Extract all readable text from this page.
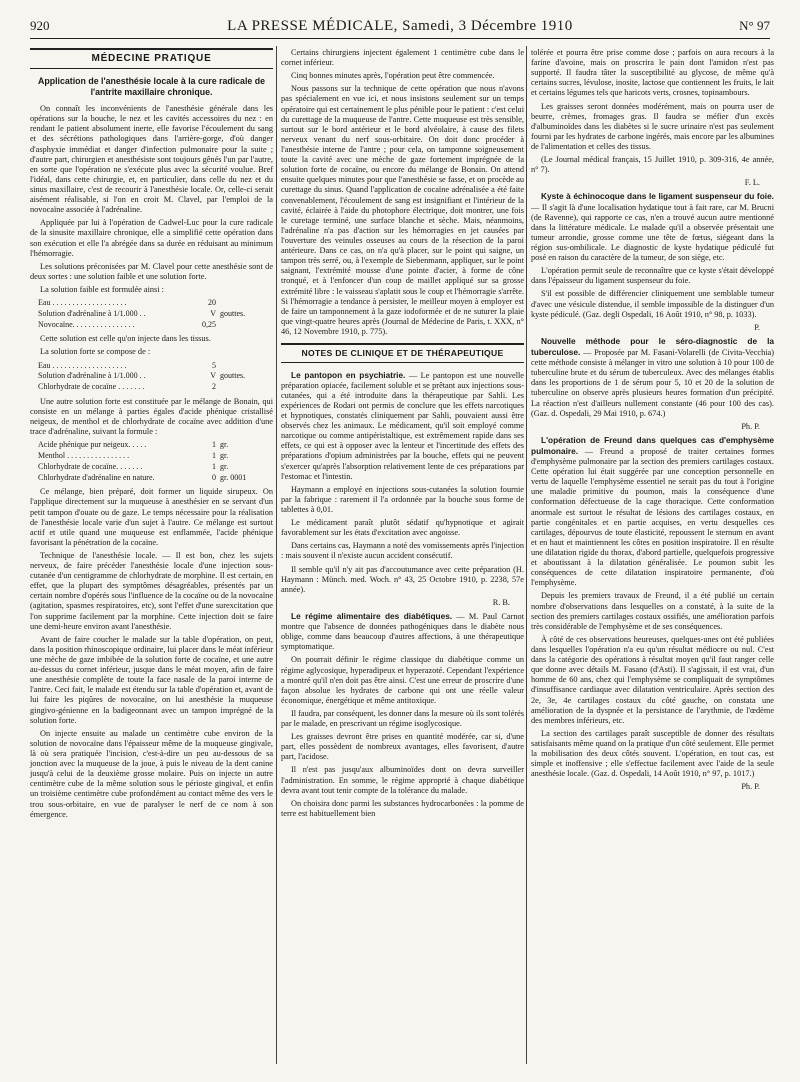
920	LA PRESSE MÉDICALE, Samedi, 3 Décembre 1910	N° 97
MÉDECINE PRATIQUE
Application de l'anesthésie locale à la cure radicale de l'antrite maxillaire chronique.

On connaît les inconvénients de l'anesthésie générale dans les opérations sur la bouche, le nez et les cavités accessoires du nez : en rendant le patient absolument inerte, elle favorise l'écoulement du sang et des sécrétions pathologiques dans l'arrière-gorge, d'où danger d'asphyxie immédiat et danger d'infection pulmonaire pour la suite ; d'autre part, chirurgien et anesthésiste sont toujours gênés l'un par l'autre, en sorte que l'opération ne s'exécute plus avec la sécurité voulue. Bref l'idéal, dans cette chirurgie, et, en particulier, dans celle du nez et du sinus maxillaire, c'est de recourir à l'anesthésie locale. Or, celle-ci serait aisément réalisable, si l'on en croit M. Clavel, par l'emploi de la novocaïne associée à l'adrénaline.

Appliquée par lui à l'opération de Cadwel-Luc pour la cure radicale de la sinusite maxillaire chronique, elle a simplifié cette opération dans son exécution et elle l'a abrégée dans sa durée en réduisant au minimum l'hémorragie.

Les solutions préconisées par M. Clavel pour cette anesthésie sont de deux sortes : une solution faible et une solution forte.

La solution faible est formulée ainsi :

Eau . . . . . . . . . . . . . . . . . . .	20	
Solution d'adrénaline à 1/1.000 . .	V	gouttes.
Novocaïne. . . . . . . . . . . . . . . .	0,25	

Cette solution est celle qu'on injecte dans les tissus.

La solution forte se compose de :

Eau . . . . . . . . . . . . . . . . . . .	5	
Solution d'adrénaline à 1/1.000 . .	V	gouttes.
Chlorhydrate de cocaïne . . . . . . .	2	

Une autre solution forte est constituée par le mélange de Bonain, qui consiste en un mélange à parties égales d'acide phénique cristallisé neigeux, de menthol et de chlorhydrate de cocaïne avec addition d'une trace d'adrénaline, suivant la formule :

Acide phénique pur neigeux. . . . .	1	gr.
Menthol . . . . . . . . . . . . . . . .	1	gr.
Chlorhydrate de cocaïne. . . . . . .	1	gr.
Chlorhydrate d'adrénaline en nature.	0	gr. 0001

Ce mélange, bien préparé, doit former un liquide sirupeux. On l'applique directement sur la muqueuse à anesthésier en se servant d'un petit tampon d'ouate ou de gaze. Le temps nécessaire pour la réalisation de l'anesthésie locale varie d'un sujet à l'autre. Ce mélange est surtout actif et utile quand une muqueuse est enflammée, l'acide phénique favorisant la pénétration de la cocaïne.

Technique de l'anesthésie locale. — Il est bon, chez les sujets nerveux, de faire précéder l'anesthésie locale d'une injection sous-cutanée d'un centigramme de chlorhydrate de morphine. Il est certain, en effet, que la plupart des symptômes désagréables, présentés par un certain nombre d'opérés sous l'influence de la cocaïne ou de la novocaïne (agitation, spasmes respiratoires, etc), sont l'effet d'une surexcitation que l'on supprime facilement par la morphine. Cette injection doit se faire une demi-heure environ avant l'anesthésie.

Avant de faire coucher le malade sur la table d'opération, on peut, dans la position rhinoscopique ordinaire, lui placer dans le méat inférieur une mèche de gaze imbibée de la solution forte de cocaïne, et une autre au-dessus du cornet inférieur, jusque dans le méat moyen, afin de faire une anesthésie complète de toute la face nasale de la paroi interne de l'antre. Ceci fait, le malade est étendu sur la table d'opération et, avant de lui faire les piqûres de novocaïne, on lui anesthésie la muqueuse gingivo-génienne en la badigeonnant avec un tampon imprégné de la solution forte.

On injecte ensuite au malade un centimètre cube environ de la solution de novocaïne dans l'épaisseur même de la muqueuse gingivale, là où sera pratiquée l'incision, c'est-à-dire un peu au-dessous de sa jonction avec la muqueuse de la joue, à puis le niveau de la dent canine jusqu'à celui de la deuxième grosse molaire. Puis on injecte un autre centimètre cube de la même solution sous le périoste gingival, et enfin un troisième centimètre cube profondément au contact même des vers le trou sous-orbitaire, en vue de paralyser le nerf de ce nom à son émergence.

Certains chirurgiens injectent également 1 centimètre cube dans le cornet inférieur.

Cinq bonnes minutes après, l'opération peut être commencée.

Nous passons sur la technique de cette opération que nous n'avons pas spécialement en vue ici, et nous insistons seulement sur un temps opératoire qui est certainement le plus pénible pour le patient : c'est celui du curettage de la muqueuse de l'antre. Cette muqueuse est très sensible, surtout sur le bord antérieur et le bord alvéolaire, à cause des filets nerveux venant du nerf sous-orbitaire. On doit donc procéder à l'anesthésie interne de l'antre ; pour cela, on tamponne soigneusement toute la cavité avec une mèche de gaze fortement imprégnée de la solution forte de cocaïne, ou encore du mélange de Bonain. On attend ensuite quelques minutes pour que l'anesthésie se fasse, et on procède au curettage du sinus. Quand l'application de cocaïne adrénalisée a été faite convenablement, l'écoulement de sang est insignifiant et l'intérieur de la cavité, éclairée à l'aide du photophore électrique, doit montrer, une fois le curetage terminé, une surface blanche et sèche. Mais, néanmoins, l'adrénaline n'a pas d'action sur les hémorragies en jet causées par l'ouverture des veinules osseuses au cours de la résection de la paroi antérieure. Dans ce cas, on n'a qu'à placer, sur le point qui saigne, un tampon très serré, ou, à l'exemple de Siebenmann, appliquer, sur le point saignant, l'extrémité mousse d'une pointe d'acier, à forme de cône tronqué, et à l'enfoncer d'un coup de maillet appliqué sur sa grosse extrémité libre : le vaisseau s'aplatit sous le coup et l'hémorragie s'arrête. Si l'hémorragie a tendance à persister, le meilleur moyen à employer est de faire un tamponnement à la gaze iodoformée et de ne suturer la plaie que vingt-quatre heures après (Journal de Médecine de Paris, t. XXX, n° 46, 12 Novembre 1910, p. 775).

NOTES DE CLINIQUE ET DE THÉRAPEUTIQUE

Le pantopon en psychiatrie. — Le pantopon est une nouvelle préparation opiacée, facilement soluble et se prêtant aux injections sous-cutanées, qui a été introduite dans la thérapeutique par Sahli. Les expériences de Rodari ont permis de conclure que les effets narcotiques et hypnotiques, constatés cliniquement par Sahli, pouvaient aussi être observés chez les animaux. Le médicament, qu'il soit employé comme narcotique ou comme antipéristaltique, est extrêmement rapide dans ses effets, ce qui est à opposer avec la lenteur et l'incertitude des effets des préparations d'opium administrées par la bouche, effets qui ne peuvent s'exercer qu'après l'absorption relativement lente de ces préparations par l'estomac et l'intestin.

Haymann a employé en injections sous-cutanées la solution fournie par la fabrique : rarement il l'a ordonnée par la bouche sous forme de tablettes à 0,01.

Le médicament paraît plutôt sédatif qu'hypnotique et agirait favorablement sur les états d'excitation avec angoisse.

Dans certains cas, Haymann a noté des vomissements après l'injection : mais souvent il n'existe aucun accident consécutif.

Il semble qu'il n'y ait pas d'accoutumance avec cette préparation (H. Haymann : Münch. med. Woch. n° 43, 25 Octobre 1910, p. 2238, 57e année).

R. B.

Le régime alimentaire des diabétiques. — M. Paul Carnot montre que l'absence de données pathogéniques dans le diabète nous oblige, comme dans beaucoup d'autres affections, à une thérapeutique symptomatique.

On pourrait définir le régime classique du diabétique comme un régime aglycosique, hyperadipeux et hyperazoté. Cependant l'expérience a montré qu'il n'en doit pas être ainsi. C'est une erreur de proscrire d'une façon absolue les hydrates de carbone qui ont une réelle valeur économique, énergétique et même antitoxique.

Il faudra, par conséquent, les donner dans la mesure où ils sont tolérés par le malade, en prescrivant un régime isoglycosique.

Les graisses devront être prises en quantité modérée, car si, d'une part, elles possèdent de nombreux avantages, elles favorisent, d'autre part, l'acidose.

Il n'est pas jusqu'aux albuminoïdes dont on devra surveiller l'administration. En somme, le régime approprié à chaque diabétique devra avant tout tenir compte de la tolérance du malade.

On choisira donc parmi les substances hydrocarbonées : la pomme de terre est habituellement bien

tolérée et pourra être prise comme dose ; parfois on aura recours à la farine d'avoine, mais on proscrira le pain dont l'amidon n'est pas supporté. Il faudra tâter la susceptibilité au glycose, de même qu'à certains sucres, lévulose, inosite, lactose que contiennent les fruits, le lait et certains légumes tels que haricots verts, crosnes, topinambours.

Les graisses seront données modérément, mais on pourra user de beurre, crèmes, fromages gras. Il faudra se méfier d'un excès d'albuminoïdes dans les diabètes si le sucre urinaire n'est pas seulement fourni par les hydrates de carbone ingérés, mais encore par les albumines de l'alimentation et celles des tissus.

(Le Journal médical français, 15 Juillet 1910, p. 309-316, 4e année, n° 7).

F. L.

Kyste à échinocoque dans le ligament suspenseur du foie. — Il s'agit là d'une localisation hydatique tout à fait rare, car M. Brucni (de Ravenne), qui rapporte ce cas, n'en a trouvé aucun autre mentionné dans la littérature médicale. Le malade qu'il a observée présentait une tumeur arrondie, grosse comme une tête de fœtus, siégeant dans la région sus-ombilicale. Le diagnostic de kyste hydatique pédiculé fut posé en raison du caractère de la tumeur, de son siège, etc.

L'opération permit seule de reconnaître que ce kyste s'était développé dans l'épaisseur du ligament suspenseur du foie.

S'il est possible de différencier cliniquement une semblable tumeur d'avec une vésicule distendue, il semble impossible de la distinguer d'un kyste pédiculé. (Gaz. degli Ospedali, 16 Août 1910, n° 98, p. 1033).

P.

Nouvelle méthode pour le séro-diagnostic de la tuberculose. — Proposée par M. Fasani-Volarelli (de Civita-Vecchia) cette méthode consiste à mélanger in vitro une solution à 10 pour 100 de tuberculine brute et du sérum de tuberculeux. Avec des mélanges établis dans les proportions de 1 de sérum pour 5, 10 et 20 de la solution de tuberculine on observe après plusieurs heures formation d'un précipité. La réaction n'est d'ailleurs nullement constante (46 pour 100 des cas). (Gaz. d. Ospedali, 29 Mai 1910, p. 674.)

Ph. P.

L'opération de Freund dans quelques cas d'emphysème pulmonaire. — Freund a proposé de traiter certaines formes d'emphysème pulmonaire par la section des premiers cartilages costaux. Cette opération lui était suggérée par une conception personnelle en vertu de laquelle l'emphysème essentiel ne serait pas du tout à l'origine une maladie primitive du poumon, mais la conséquence d'une conformation défectueuse de la cage thoracique. Cette conformation anormale est surtout le résultat de lésions des cartilages costaux, en partie congénitales et en partie acquises, en vertu desquelles ces cartilages, dépourvus de toute élasticité, repoussent le sternum en avant et en haut et maintiennent les côtes en position inspiratoire. Il en résulte une dilatation rigide du thorax, d'abord partielle, quelquefois progressive et aboutissant à la dilatation généralisée. Le poumon subit les conséquences de cette dilatation inspiratoire permanente, d'où l'emphysème.

Depuis les premiers travaux de Freund, il a été publié un certain nombre d'observations dans lesquelles on a constaté, à la suite de la section des premiers cartilages costaux ossifiés, une amélioration parfois très considérable de l'emphysème et de ses conséquences.

À côté de ces observations heureuses, quelques-unes ont été publiées dans lesquelles l'opération n'a eu qu'un résultat médiocre ou nul. C'est dans la catégorie des opérations à résultat moyen qu'il faut ranger celle que donne avec détails M. Fasano (d'Asti). Il s'agissait, il est vrai, d'un homme de 60 ans, chez qui l'emphysème se compliquait de symptômes d'insuffisance cardiaque avec dilatation ventriculaire. Après section des 2e, 3e, 4e cartilages costaux du côté gauche, on constata une amélioration de la dyspnée et la persistance de l'arythmie, de l'œdème des membres inférieurs, etc.

La section des cartilages paraît susceptible de donner des résultats satisfaisants même quand on la pratique d'un côté seulement. Elle permet la mobilisation des deux côtés souvent. L'opération, en tout cas, est simple et inoffensive ; elle s'effectue facilement avec l'aide de la seule anesthésie locale. (Gaz. d. Ospedali, 14 Août 1910, n° 97, p. 1017.)

Ph. P.
